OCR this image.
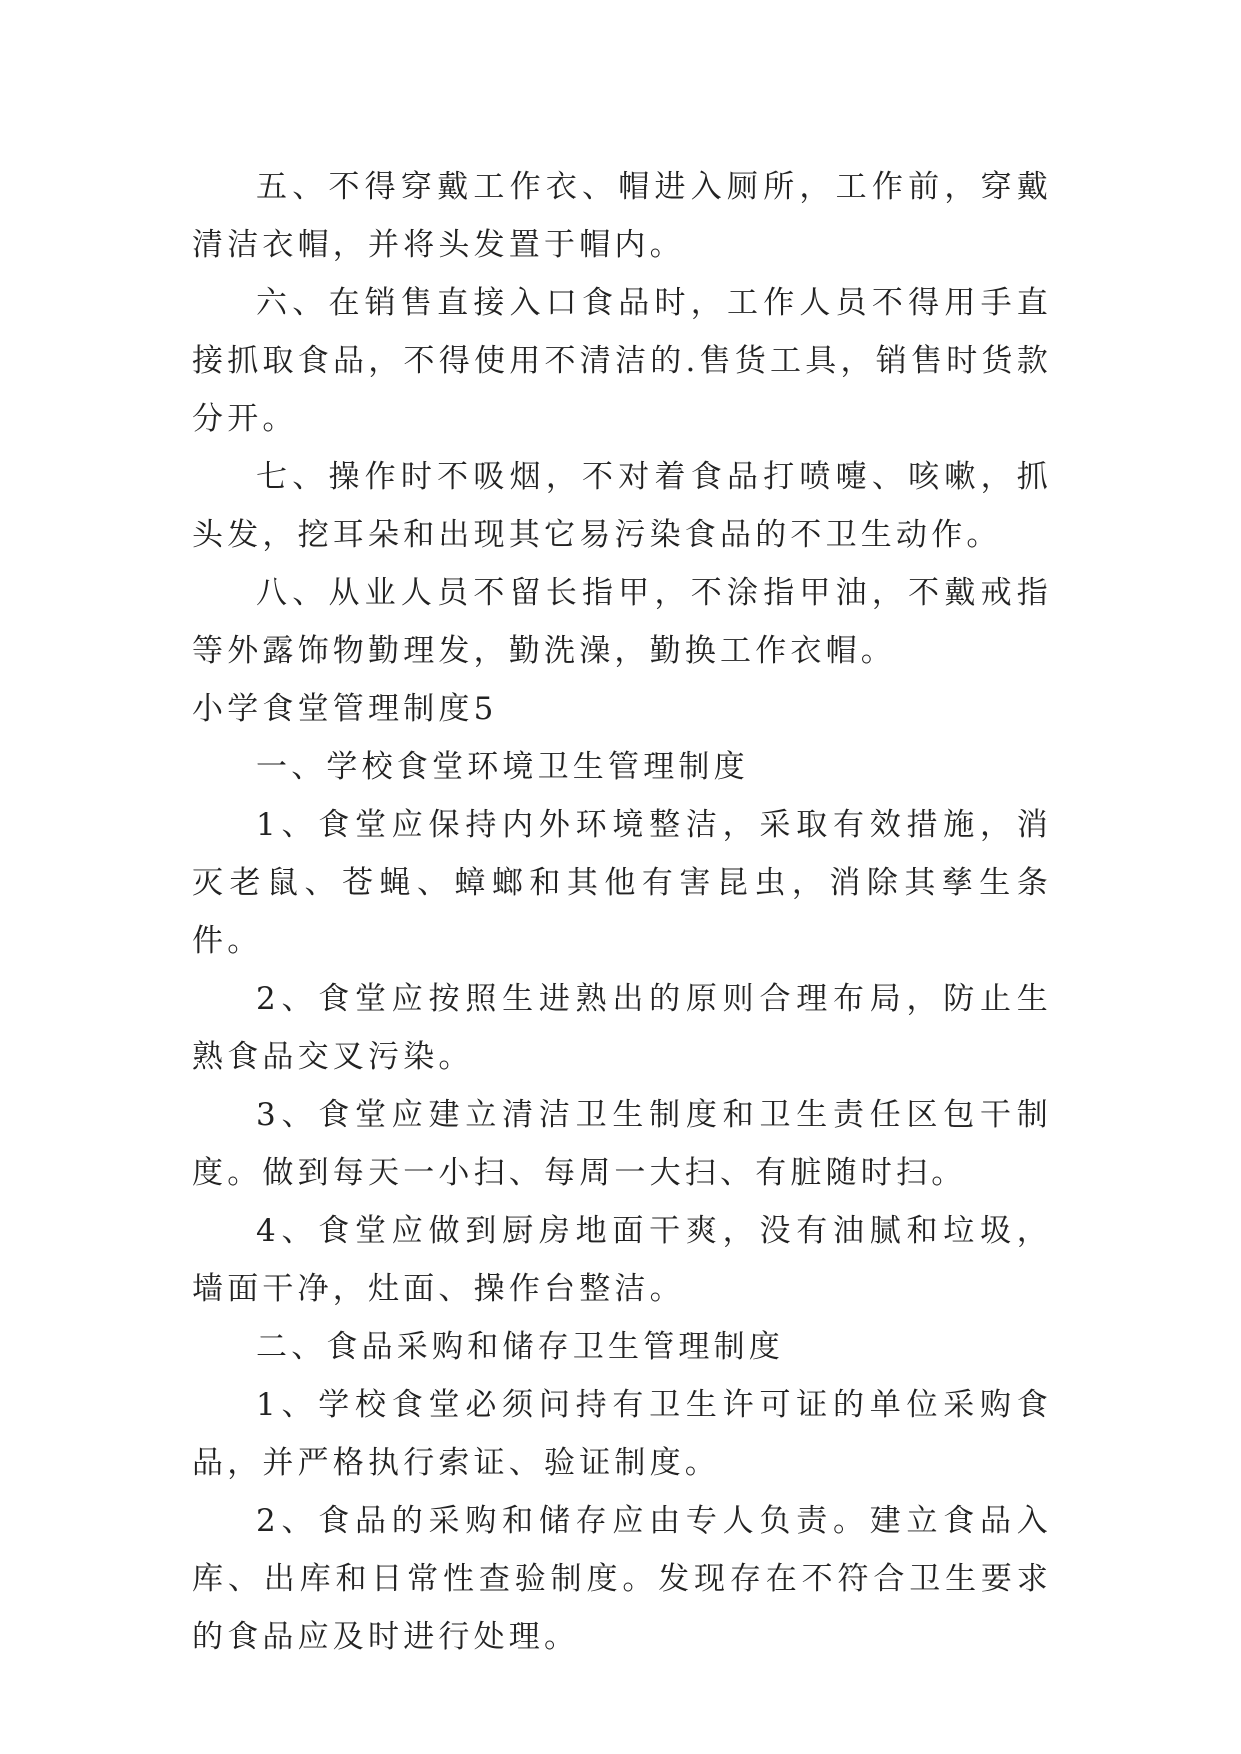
五、不得穿戴工作衣、帽进入厕所，工作前，穿戴清洁衣帽，并将头发置于帽内。

六、在销售直接入口食品时，工作人员不得用手直接抓取食品，不得使用不清洁的.售货工具，销售时货款分开。

七、操作时不吸烟，不对着食品打喷嚏、咳嗽，抓头发，挖耳朵和出现其它易污染食品的不卫生动作。

八、从业人员不留长指甲，不涂指甲油，不戴戒指等外露饰物勤理发，勤洗澡，勤换工作衣帽。

小学食堂管理制度5

一、学校食堂环境卫生管理制度

1、食堂应保持内外环境整洁，采取有效措施，消灭老鼠、苍蝇、蟑螂和其他有害昆虫，消除其孳生条件。

2、食堂应按照生进熟出的原则合理布局，防止生熟食品交叉污染。

3、食堂应建立清洁卫生制度和卫生责任区包干制度。做到每天一小扫、每周一大扫、有脏随时扫。

4、食堂应做到厨房地面干爽，没有油腻和垃圾，墙面干净，灶面、操作台整洁。

二、食品采购和储存卫生管理制度

1、学校食堂必须问持有卫生许可证的单位采购食品，并严格执行索证、验证制度。

2、食品的采购和储存应由专人负责。建立食品入库、出库和日常性查验制度。发现存在不符合卫生要求的食品应及时进行处理。
